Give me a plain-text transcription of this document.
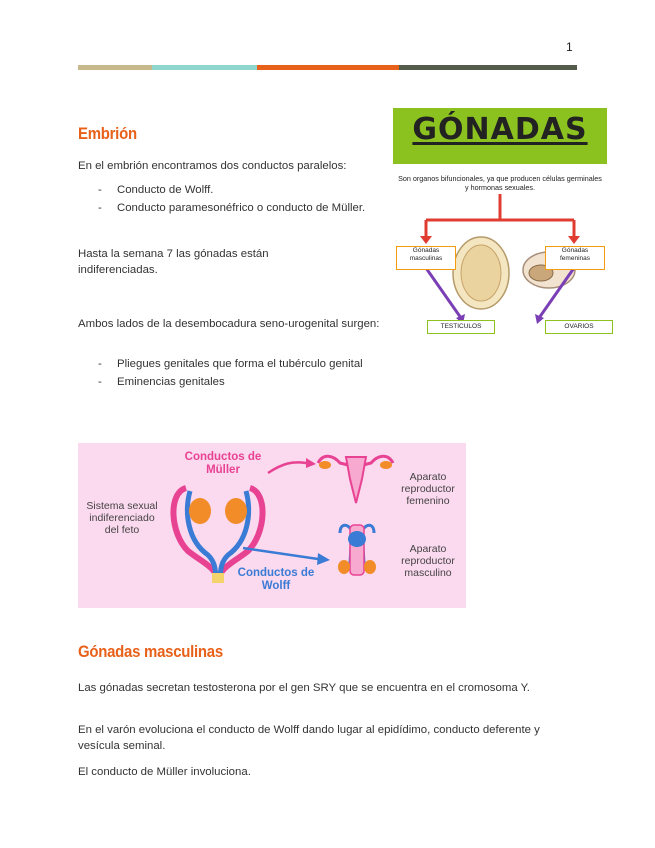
1
Embrión

En el embrión encontramos dos conductos paralelos:

- Conducto de Wolff.
- Conducto paramesonéfrico o conducto de Müller.

Hasta la semana 7 las gónadas están indiferenciadas.

Ambos lados de la desembocadura seno-urogenital surgen:

- Pliegues genitales que forma el tubérculo genital
- Eminencias genitales
GÓNADAS
Son organos bifuncionales, ya que producen células germinales y hormonas sexuales.
Gónadas masculinas
Gónadas femeninas
TESTICULOS	OVARIOS
Conductos de Müller
Conductos de Wolff
Sistema sexual indiferenciado del feto
Aparato reproductor femenino
Aparato reproductor masculino
Gónadas masculinas

Las gónadas secretan testosterona por el gen SRY que se encuentra en el cromosoma Y.

En el varón evoluciona el conducto de Wolff dando lugar al epidídimo, conducto deferente y vesícula seminal.

El conducto de Müller involuciona.
